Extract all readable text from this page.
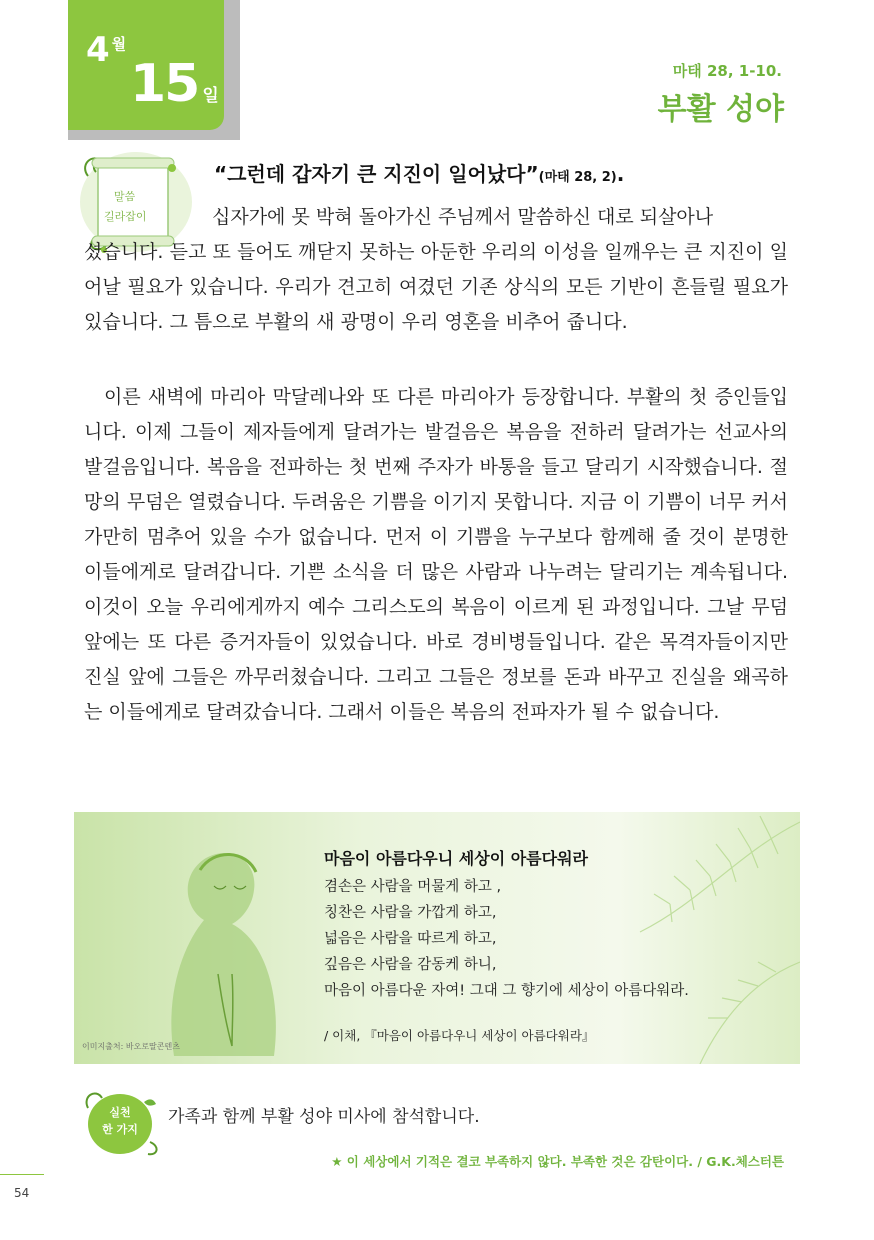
4 $^월$
15 일
마태 28, 1-10.
부활 성야
말씀
길라잡이
“그런데 갑자기 큰 지진이 일어났다”(마태 28, 2).

십자가에 못 박혀 돌아가신 주님께서 말씀하신 대로 되살아나
셨습니다. 듣고 또 들어도 깨닫지 못하는 아둔한 우리의 이성을 일깨우는 큰 지진이 일어날 필요가 있습니다. 우리가 견고히 여겼던 기존 상식의 모든 기반이 흔들릴 필요가 있습니다. 그 틈으로 부활의 새 광명이 우리 영혼을 비추어 줍니다.

이른 새벽에 마리아 막달레나와 또 다른 마리아가 등장합니다. 부활의 첫 증인들입니다. 이제 그들이 제자들에게 달려가는 발걸음은 복음을 전하러 달려가는 선교사의 발걸음입니다. 복음을 전파하는 첫 번째 주자가 바통을 들고 달리기 시작했습니다. 절망의 무덤은 열렸습니다. 두려움은 기쁨을 이기지 못합니다. 지금 이 기쁨이 너무 커서 가만히 멈추어 있을 수가 없습니다. 먼저 이 기쁨을 누구보다 함께해 줄 것이 분명한 이들에게로 달려갑니다. 기쁜 소식을 더 많은 사람과 나누려는 달리기는 계속됩니다. 이것이 오늘 우리에게까지 예수 그리스도의 복음이 이르게 된 과정입니다. 그날 무덤 앞에는 또 다른 증거자들이 있었습니다. 바로 경비병들입니다. 같은 목격자들이지만 진실 앞에 그들은 까무러쳤습니다. 그리고 그들은 정보를 돈과 바꾸고 진실을 왜곡하는 이들에게로 달려갔습니다. 그래서 이들은 복음의 전파자가 될 수 없습니다.

이미지출처: 바오로딸콘텐츠
마음이 아름다우니 세상이 아름다워라
겸손은 사람을 머물게 하고 ,
칭찬은 사람을 가깝게 하고,
넓음은 사람을 따르게 하고,
깊음은 사람을 감동케 하니,
마음이 아름다운 자여! 그대 그 향기에 세상이 아름다워라.
/ 이채, 『마음이 아름다우니 세상이 아름다워라』
실천
한 가지
가족과 함께 부활 성야 미사에 참석합니다.
★ 이 세상에서 기적은 결코 부족하지 않다. 부족한 것은 감탄이다. / G.K.체스터튼
54
